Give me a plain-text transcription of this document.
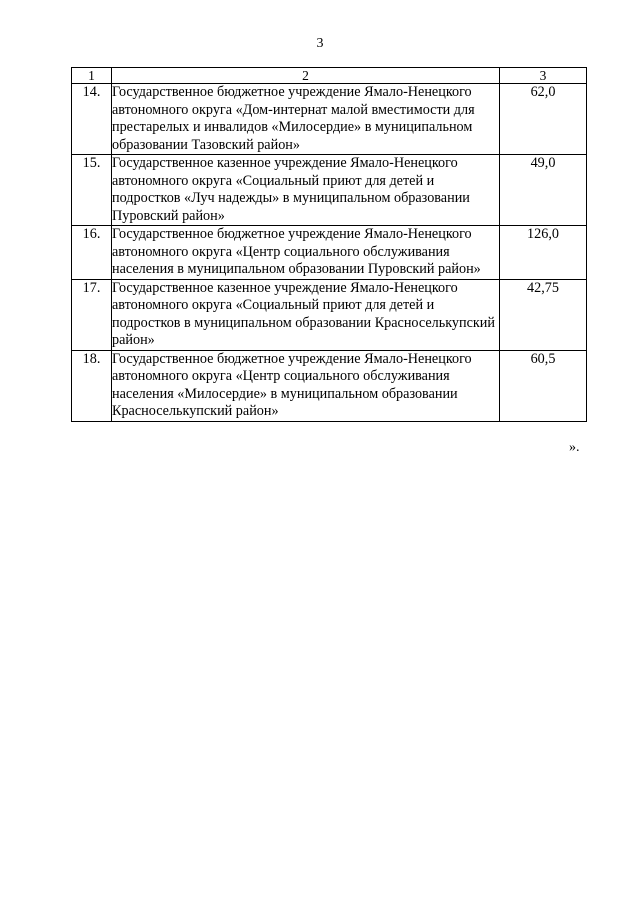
3
1	2	3
14.	Государственное бюджетное учреждение Ямало-Ненецкого автономного округа «Дом-интернат малой вместимости для престарелых и инвалидов «Милосердие» в муниципальном образовании Тазовский район»	62,0
15.	Государственное казенное учреждение Ямало-Ненецкого автономного округа «Социальный приют для детей и подростков «Луч надежды» в муниципальном образовании Пуровский район»	49,0
16.	Государственное бюджетное учреждение Ямало-Ненецкого автономного округа «Центр социального обслуживания населения в муниципальном образовании Пуровский район»	126,0
17.	Государственное казенное учреждение Ямало-Ненецкого автономного округа «Социальный приют для детей и подростков в муниципальном образовании Красноселькупский район»	42,75
18.	Государственное бюджетное учреждение Ямало-Ненецкого автономного округа «Центр социального обслуживания населения «Милосердие» в муниципальном образовании Красноселькупский район»	60,5
».
